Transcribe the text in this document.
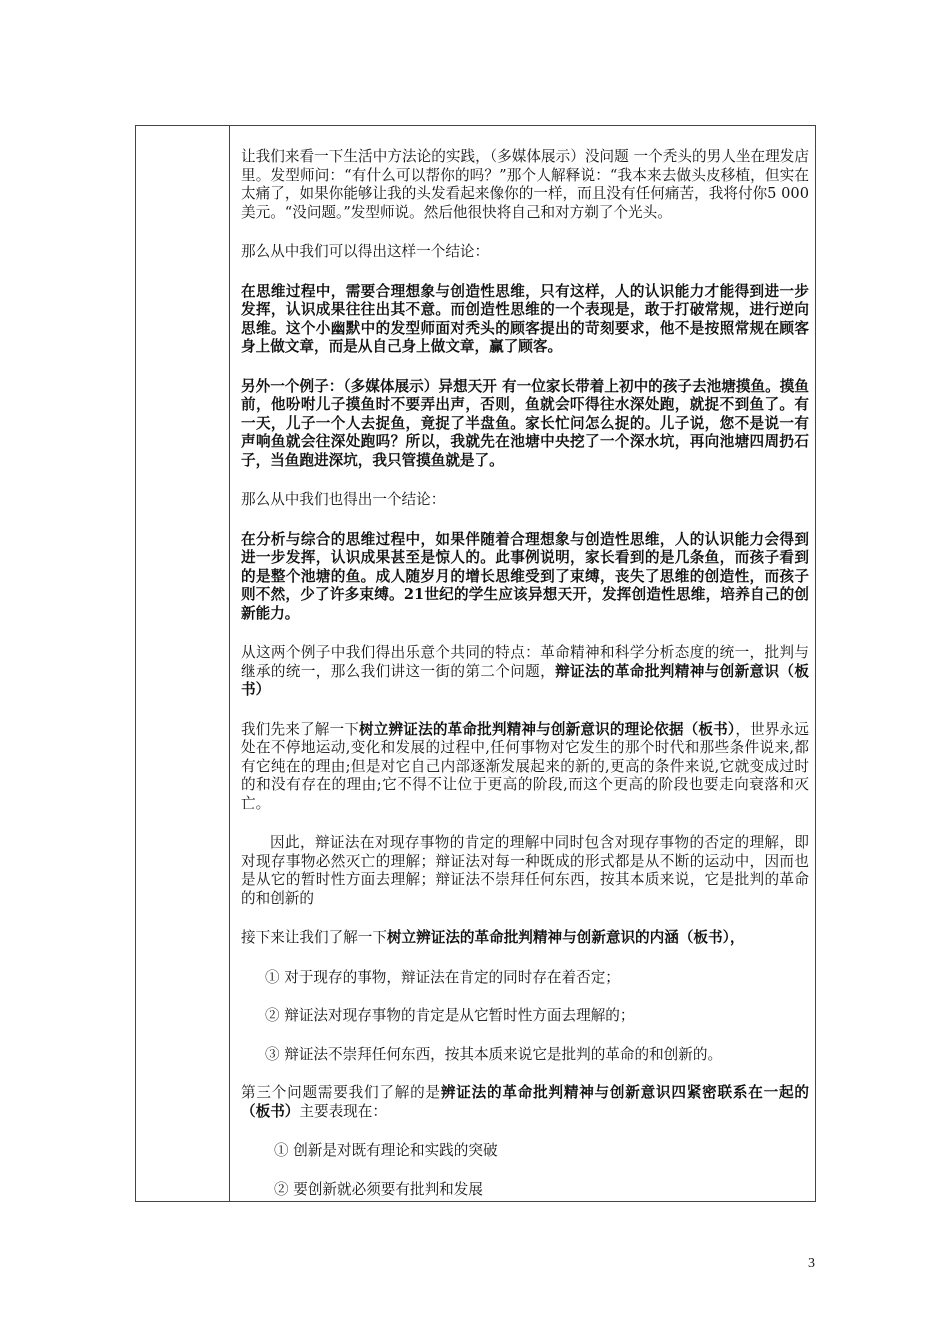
让我们来看一下生活中方法论的实践，（多媒体展示）没问题 一个秃头的男人坐在理发店里。发型师问：“有什么可以帮你的吗？”那个人解释说：“我本来去做头皮移植，但实在太痛了，如果你能够让我的头发看起来像你的一样，而且没有任何痛苦，我将付你5 000美元。“没问题。”发型师说。然后他很快将自己和对方剃了个光头。

那么从中我们可以得出这样一个结论：

在思维过程中，需要合理想象与创造性思维，只有这样，人的认识能力才能得到进一步发挥，认识成果往往出其不意。而创造性思维的一个表现是，敢于打破常规，进行逆向思维。这个小幽默中的发型师面对秃头的顾客提出的苛刻要求，他不是按照常规在顾客身上做文章，而是从自己身上做文章，赢了顾客。

另外一个例子：（多媒体展示）异想天开 有一位家长带着上初中的孩子去池塘摸鱼。摸鱼前，他吩咐儿子摸鱼时不要弄出声，否则，鱼就会吓得往水深处跑，就捉不到鱼了。有一天，儿子一个人去捉鱼，竟捉了半盘鱼。家长忙问怎么捉的。儿子说，您不是说一有声响鱼就会往深处跑吗？所以，我就先在池塘中央挖了一个深水坑，再向池塘四周扔石子，当鱼跑进深坑，我只管摸鱼就是了。

那么从中我们也得出一个结论：

在分析与综合的思维过程中，如果伴随着合理想象与创造性思维，人的认识能力会得到进一步发挥，认识成果甚至是惊人的。此事例说明，家长看到的是几条鱼，而孩子看到的是整个池塘的鱼。成人随岁月的增长思维受到了束缚，丧失了思维的创造性，而孩子则不然，少了许多束缚。21世纪的学生应该异想天开，发挥创造性思维，培养自己的创新能力。

从这两个例子中我们得出乐意个共同的特点：革命精神和科学分析态度的统一，批判与继承的统一，那么我们讲这一街的第二个问题，辩证法的革命批判精神与创新意识（板书）

我们先来了解一下树立辨证法的革命批判精神与创新意识的理论依据（板书），世界永远处在不停地运动,变化和发展的过程中,任何事物对它发生的那个时代和那些条件说来,都有它纯在的理由;但是对它自己内部逐渐发展起来的新的,更高的条件来说,它就变成过时的和没有存在的理由;它不得不让位于更高的阶段,而这个更高的阶段也要走向衰落和灭亡。

因此，辩证法在对现存事物的肯定的理解中同时包含对现存事物的否定的理解，即对现存事物必然灭亡的理解；辩证法对每一种既成的形式都是从不断的运动中，因而也是从它的暂时性方面去理解；辩证法不崇拜任何东西，按其本质来说，它是批判的革命的和创新的

接下来让我们了解一下树立辨证法的革命批判精神与创新意识的内涵（板书），

① 对于现存的事物，辩证法在肯定的同时存在着否定；

② 辩证法对现存事物的肯定是从它暂时性方面去理解的；

③ 辩证法不崇拜任何东西，按其本质来说它是批判的革命的和创新的。

第三个问题需要我们了解的是辨证法的革命批判精神与创新意识四紧密联系在一起的（板书）主要表现在：

① 创新是对既有理论和实践的突破

② 要创新就必须要有批判和发展

3
